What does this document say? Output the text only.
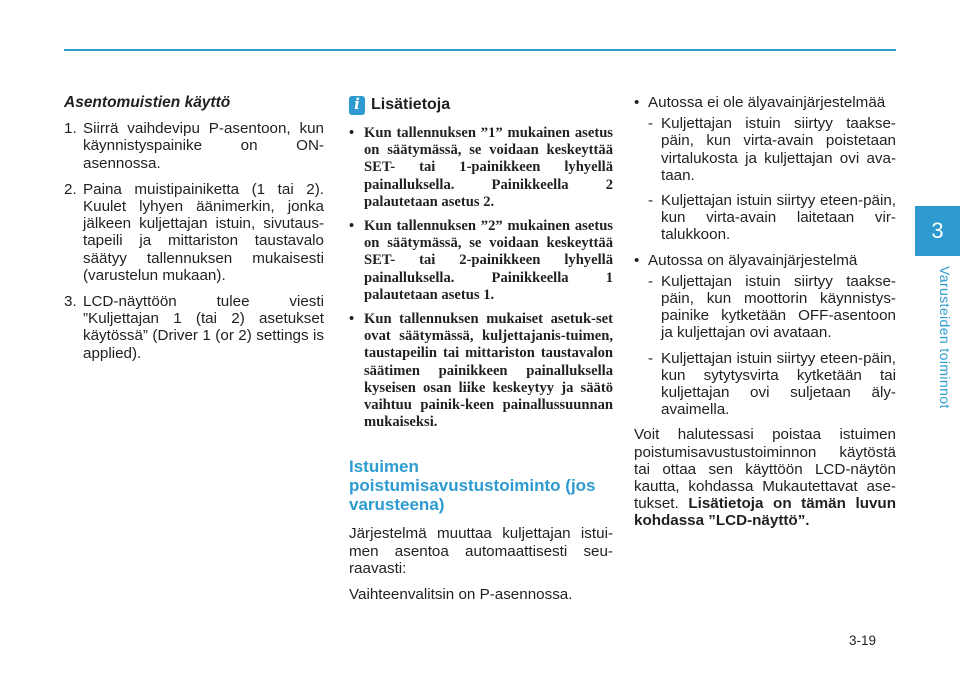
3
Varusteiden toiminnot
Asentomuistien käyttö
1. Siirrä vaihdevipu P-asentoon, kun käynnistyspainike on ON-asennossa.
2. Paina muistipainiketta (1 tai 2). Kuulet lyhyen äänimerkin, jonka jälkeen kuljettajan istuin, sivutaus-tapeili ja mittariston taustavalo säätyy tallennuksen mukaisesti (varustelun mukaan).
3. LCD-näyttöön tulee viesti ”Kuljettajan 1 (tai 2) asetukset käytössä” (Driver 1 (or 2) settings is applied).
i Lisätietoja
• Kun tallennuksen ”1” mukainen asetus on säätymässä, se voidaan keskeyttää SET- tai 1-painikkeen lyhyellä painalluksella. Painikkeella 2 palautetaan asetus 2.
• Kun tallennuksen ”2” mukainen asetus on säätymässä, se voidaan keskeyttää SET- tai 2-painikkeen lyhyellä painalluksella. Painikkeella 1 palautetaan asetus 1.
• Kun tallennuksen mukaiset asetuk-set ovat säätymässä, kuljettajanis-tuimen, taustapeilin tai mittariston taustavalon säätimen painikkeen painalluksella kyseisen osan liike keskeytyy ja säätö vaihtuu painik-keen painallussuunnan mukaiseksi.
Istuimen poistumisavustustoiminto (jos varusteena)
Järjestelmä muuttaa kuljettajan istui-men asentoa automaattisesti seu-raavasti:
Vaihteenvalitsin on P-asennossa.
• Autossa ei ole älyavainjärjestelmää
- Kuljettajan istuin siirtyy taakse-päin, kun virta-avain poistetaan virtalukosta ja kuljettajan ovi ava-taan.
- Kuljettajan istuin siirtyy eteen-päin, kun virta-avain laitetaan vir-talukkoon.
• Autossa on älyavainjärjestelmä
- Kuljettajan istuin siirtyy taakse-päin, kun moottorin käynnistys-painike kytketään OFF-asentoon ja kuljettajan ovi avataan.
- Kuljettajan istuin siirtyy eteen-päin, kun sytytysvirta kytketään tai kuljettajan ovi suljetaan äly-avaimella.
Voit halutessasi poistaa istuimen poistumisavustustoiminnon käytöstä tai ottaa sen käyttöön LCD-näytön kautta, kohdassa Mukautettavat ase-tukset. Lisätietoja on tämän luvun kohdassa ”LCD-näyttö”.
3-19
